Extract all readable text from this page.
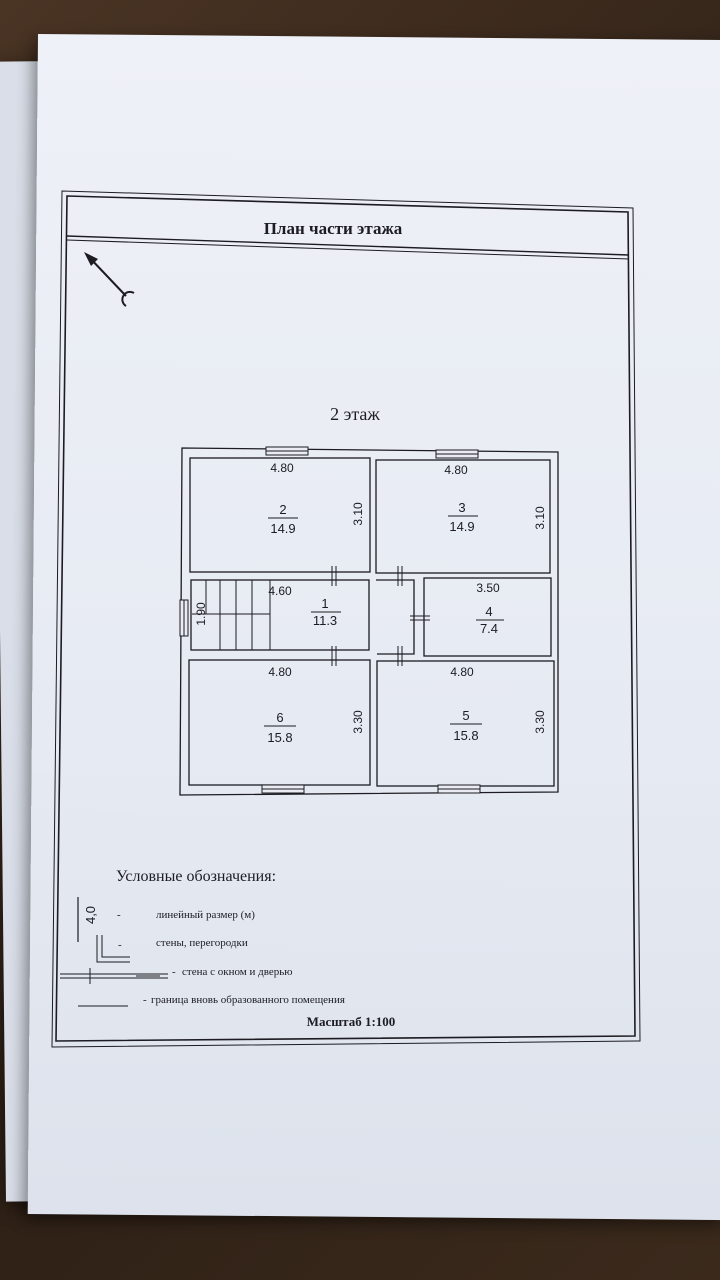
План части этажа
2 этаж
4.80
2
14.9
3.10
4.80
3
14.9	3.10
4.60
1
11.3
1.90
3.50
4
7.4
4.80
6
15.8
3.30
4.80
5
15.8
3.30
Условные обозначения:
4,0 -	линейный размер (м)
-	стены, перегородки
стена с окном и дверью
-
- граница вновь образованного помещения
Масштаб 1:100
